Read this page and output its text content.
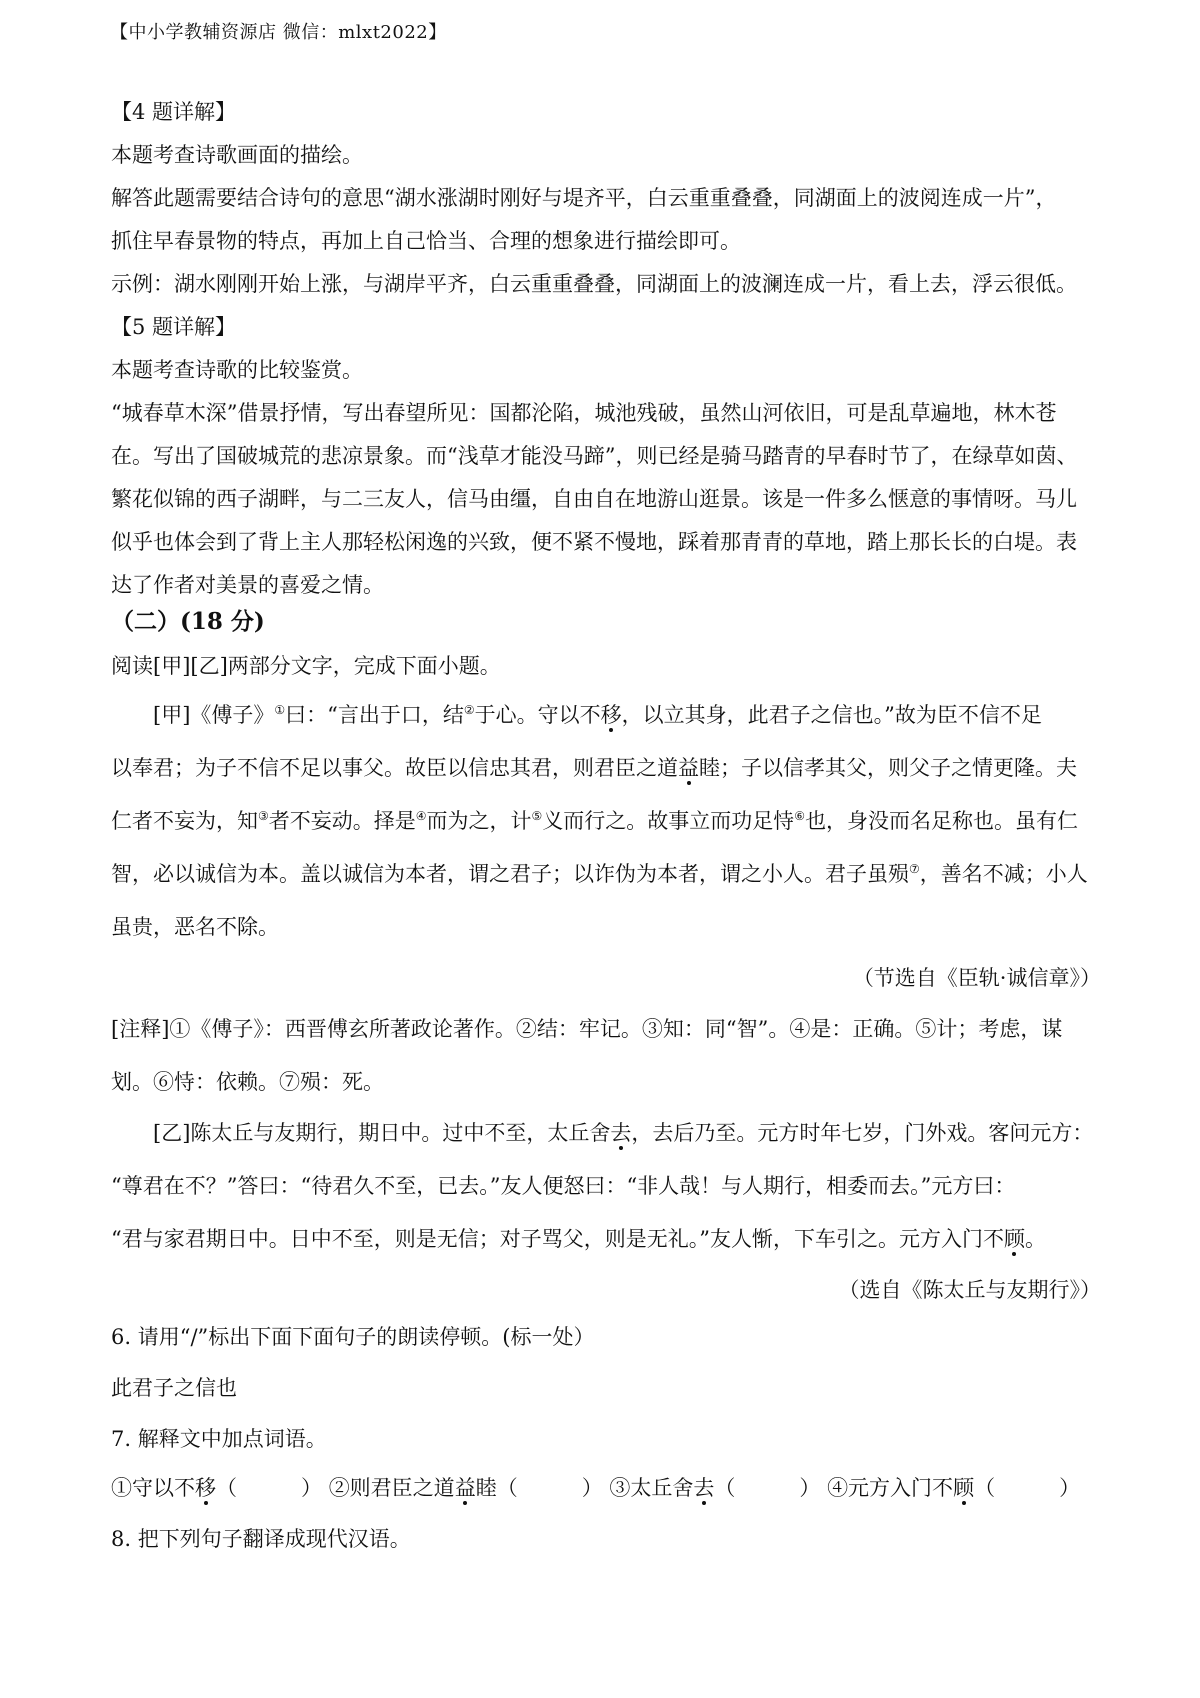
【中小学教辅资源店 微信：mlxt2022】

【4 题详解】

本题考查诗歌画面的描绘。

解答此题需要结合诗句的意思“湖水涨湖时刚好与堤齐平，白云重重叠叠，同湖面上的波阅连成一片”，

抓住早春景物的特点，再加上自己恰当、合理的想象进行描绘即可。

示例：湖水刚刚开始上涨，与湖岸平齐，白云重重叠叠，同湖面上的波澜连成一片，看上去，浮云很低。

【5 题详解】

本题考查诗歌的比较鉴赏。

“城春草木深”借景抒情，写出春望所见：国都沦陷，城池残破，虽然山河依旧，可是乱草遍地，林木苍

在。写出了国破城荒的悲凉景象。而“浅草才能没马蹄”，则已经是骑马踏青的早春时节了，在绿草如茵、

繁花似锦的西子湖畔，与二三友人，信马由缰，自由自在地游山逛景。该是一件多么惬意的事情呀。马儿

似乎也体会到了背上主人那轻松闲逸的兴致，便不紧不慢地，踩着那青青的草地，踏上那长长的白堤。表

达了作者对美景的喜爱之情。

（二）(18 分)

阅读[甲][乙]两部分文字，完成下面小题。

[甲]《傅子》①曰：“言出于口，结②于心。守以不移，以立其身，此君子之信也。”故为臣不信不足

以奉君；为子不信不足以事父。故臣以信忠其君，则君臣之道益睦；子以信孝其父，则父子之情更隆。夫

仁者不妄为，知③者不妄动。择是④而为之，计⑤义而行之。故事立而功足恃⑥也，身没而名足称也。虽有仁

智，必以诚信为本。盖以诚信为本者，谓之君子；以诈伪为本者，谓之小人。君子虽殒⑦，善名不减；小人

虽贵，恶名不除。

（节选自《臣轨·诚信章》）

[注释]①《傅子》：西晋傅玄所著政论著作。②结：牢记。③知：同“智”。④是：正确。⑤计；考虑，谋

划。⑥恃：依赖。⑦殒：死。

[乙]陈太丘与友期行，期日中。过中不至，太丘舍去，去后乃至。元方时年七岁，门外戏。客问元方：

“尊君在不？”答曰：“待君久不至，已去。”友人便怒曰：“非人哉！与人期行，相委而去。”元方曰：

“君与家君期日中。日中不至，则是无信；对子骂父，则是无礼。”友人惭，下车引之。元方入门不顾。

（选自《陈太丘与友期行》）

6. 请用“/”标出下面下面句子的朗读停顿。(标一处）

此君子之信也

7. 解释文中加点词语。

①守以不移（	） ②则君臣之道益睦（	） ③太丘舍去（	） ④元方入门不顾（	）

8. 把下列句子翻译成现代汉语。
